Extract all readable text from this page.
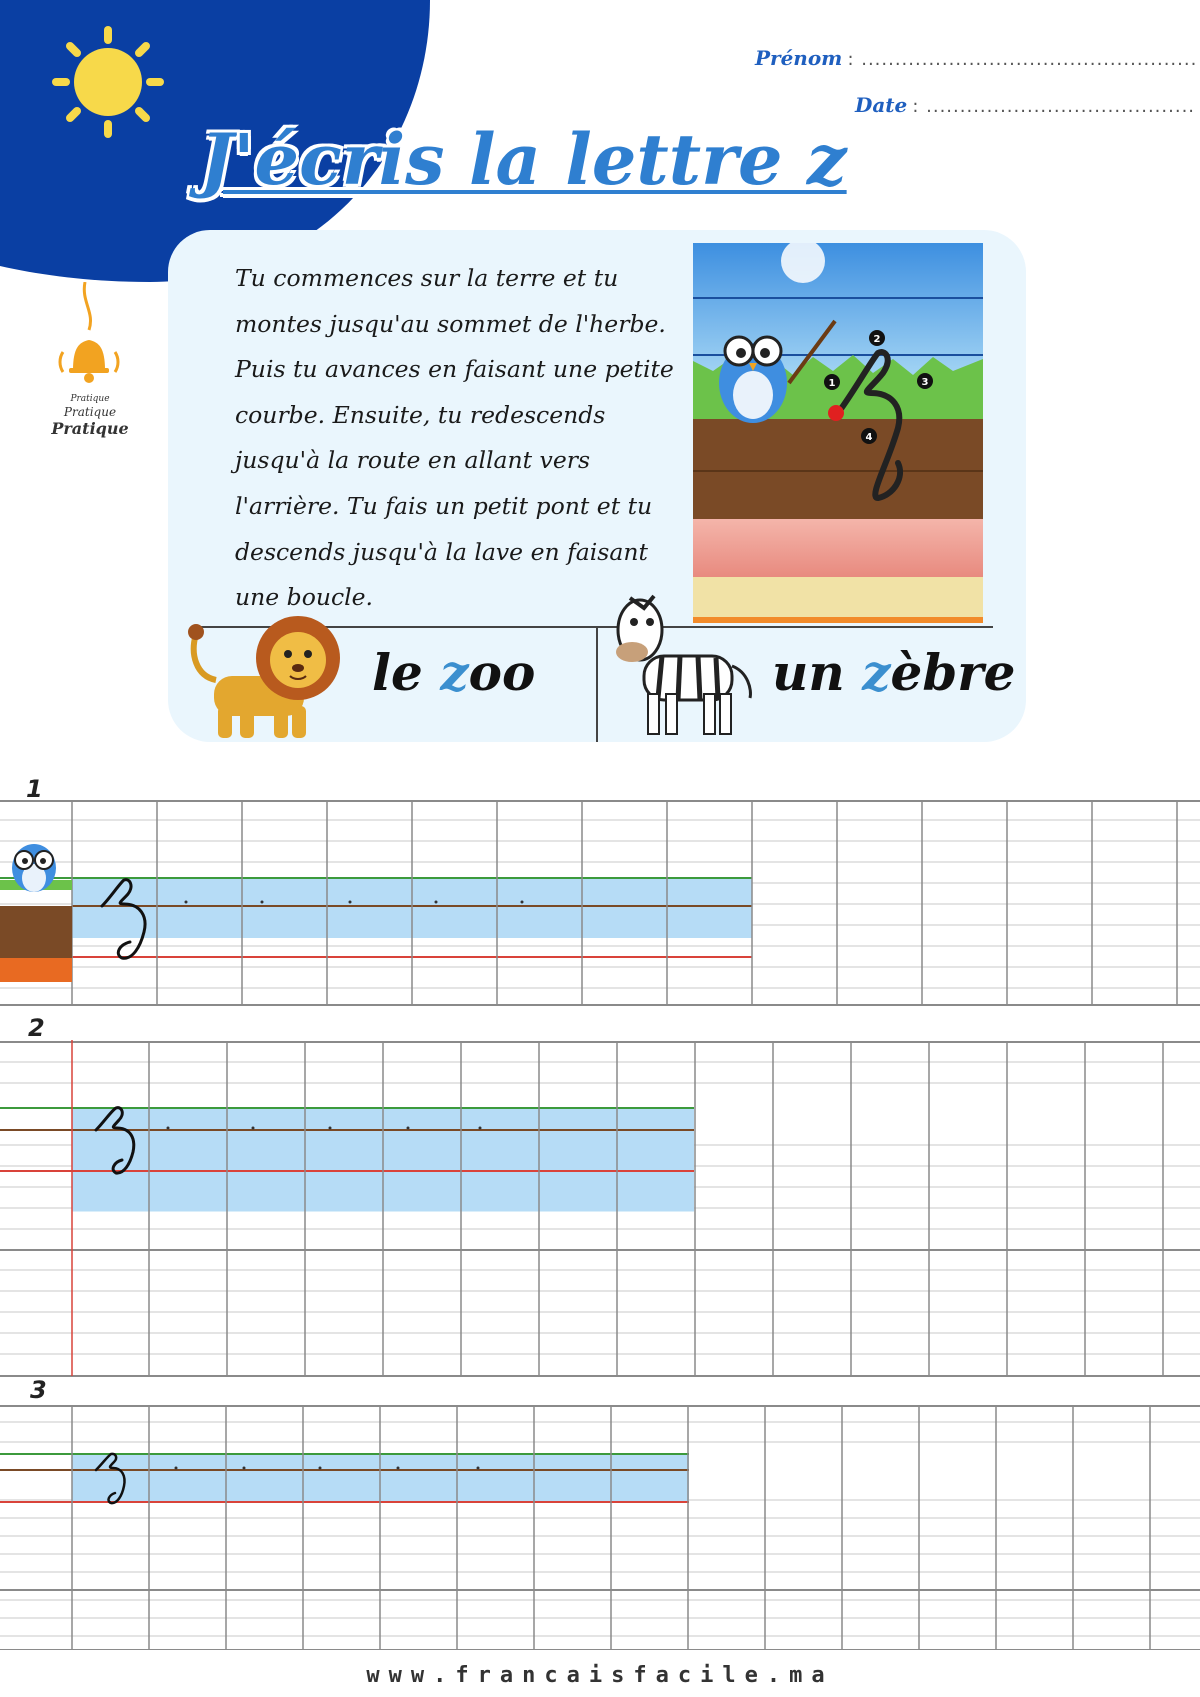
Prénom : ..................................................
Date : ........................................
J'écris la lettre z
Pratique
Pratique
Pratique
Tu commences sur la terre et tu montes jusqu'au sommet de l'herbe. Puis tu avances en faisant une petite courbe. Ensuite, tu redescends jusqu'à la route en allant vers l'arrière. Tu fais un petit pont et tu descends jusqu'à la lave en faisant une boucle.
1
2
3
4
le zoo	un zèbre
1
2
3
www.francaisfacile.ma
